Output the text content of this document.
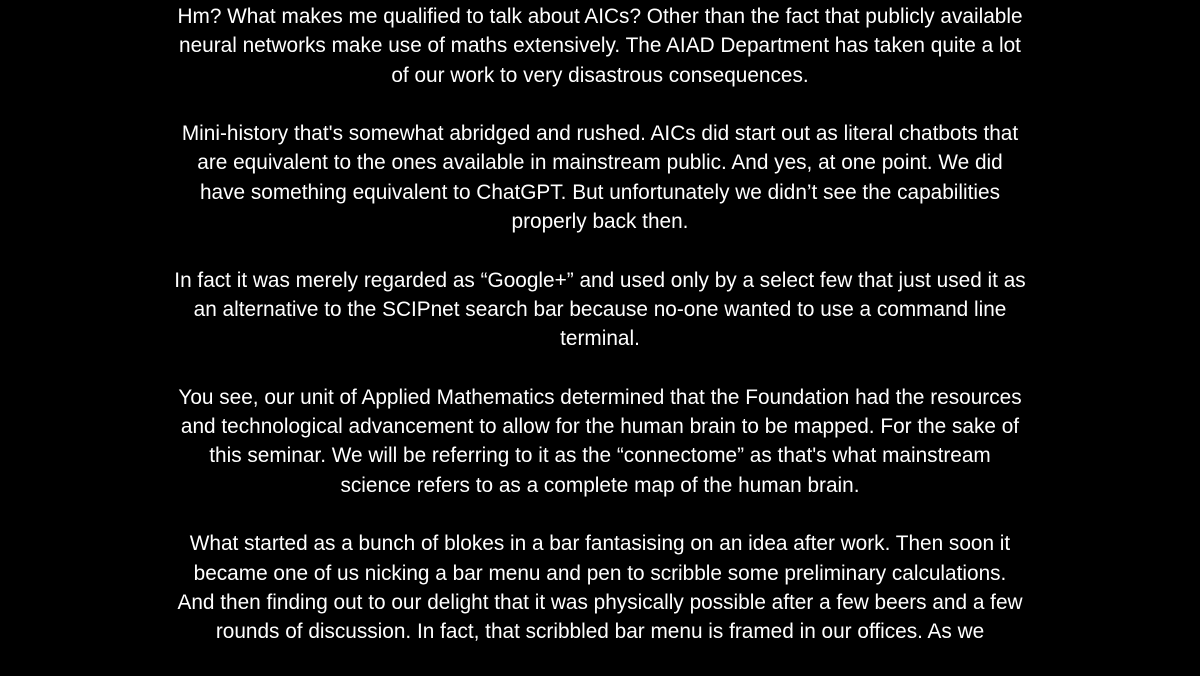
Hm? What makes me qualified to talk about AICs? Other than the fact that publicly available
neural networks make use of maths extensively. The AIAD Department has taken quite a lot
of our work to very disastrous consequences.

Mini-history that's somewhat abridged and rushed. AICs did start out as literal chatbots that
are equivalent to the ones available in mainstream public. And yes, at one point. We did
have something equivalent to ChatGPT. But unfortunately we didn’t see the capabilities
properly back then.

In fact it was merely regarded as “Google+” and used only by a select few that just used it as
an alternative to the SCIPnet search bar because no-one wanted to use a command line
terminal.

You see, our unit of Applied Mathematics determined that the Foundation had the resources
and technological advancement to allow for the human brain to be mapped. For the sake of
this seminar. We will be referring to it as the “connectome” as that's what mainstream
science refers to as a complete map of the human brain.

What started as a bunch of blokes in a bar fantasising on an idea after work. Then soon it
became one of us nicking a bar menu and pen to scribble some preliminary calculations.
And then finding out to our delight that it was physically possible after a few beers and a few
rounds of discussion. In fact, that scribbled bar menu is framed in our offices. As we
